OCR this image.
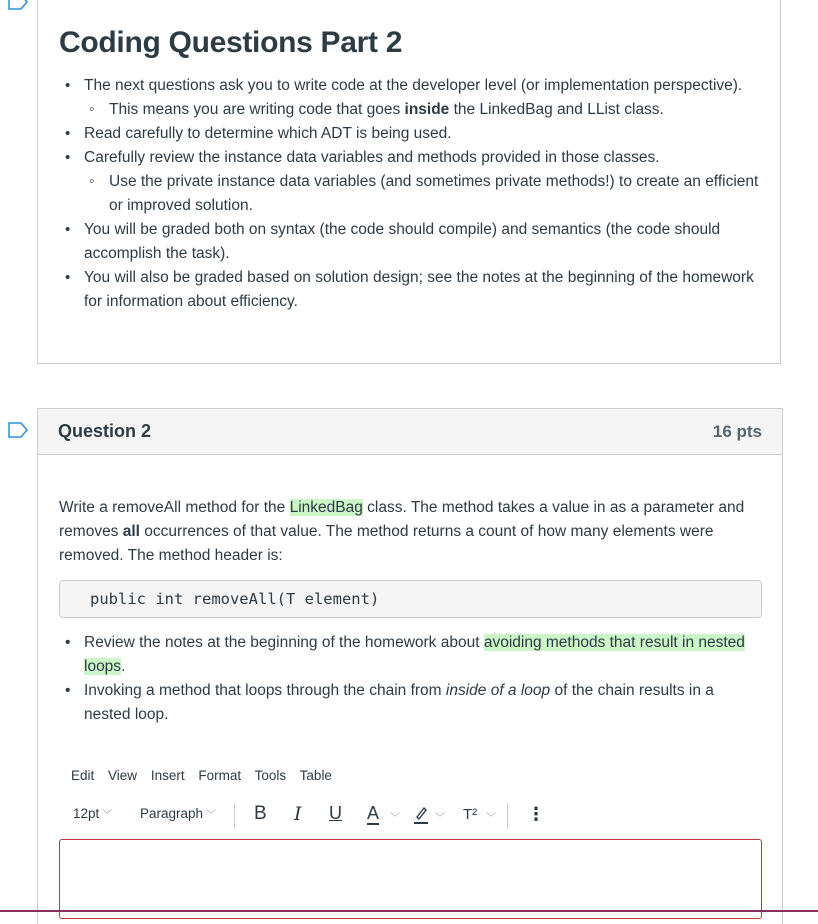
Coding Questions Part 2
• The next questions ask you to write code at the developer level (or implementation perspective).
◦ This means you are writing code that goes inside the LinkedBag and LList class.
• Read carefully to determine which ADT is being used.
• Carefully review the instance data variables and methods provided in those classes.
◦ Use the private instance data variables (and sometimes private methods!) to create an efficient or improved solution.
• You will be graded both on syntax (the code should compile) and semantics (the code should accomplish the task).
• You will also be graded based on solution design; see the notes at the beginning of the homework for information about efficiency.
Question 2	16 pts

Write a removeAll method for the LinkedBag class. The method takes a value in as a parameter and removes all occurrences of that value. The method returns a count of how many elements were removed. The method header is:

public int removeAll(T element)
• Review the notes at the beginning of the homework about avoiding methods that result in nested loops.
• Invoking a method that loops through the chain from inside of a loop of the chain results in a nested loop.
Edit View Insert Format Tools Table
12pt ﹀ Paragraph ﹀ B I U A ﹀	﹀ T² ﹀ ⋮
